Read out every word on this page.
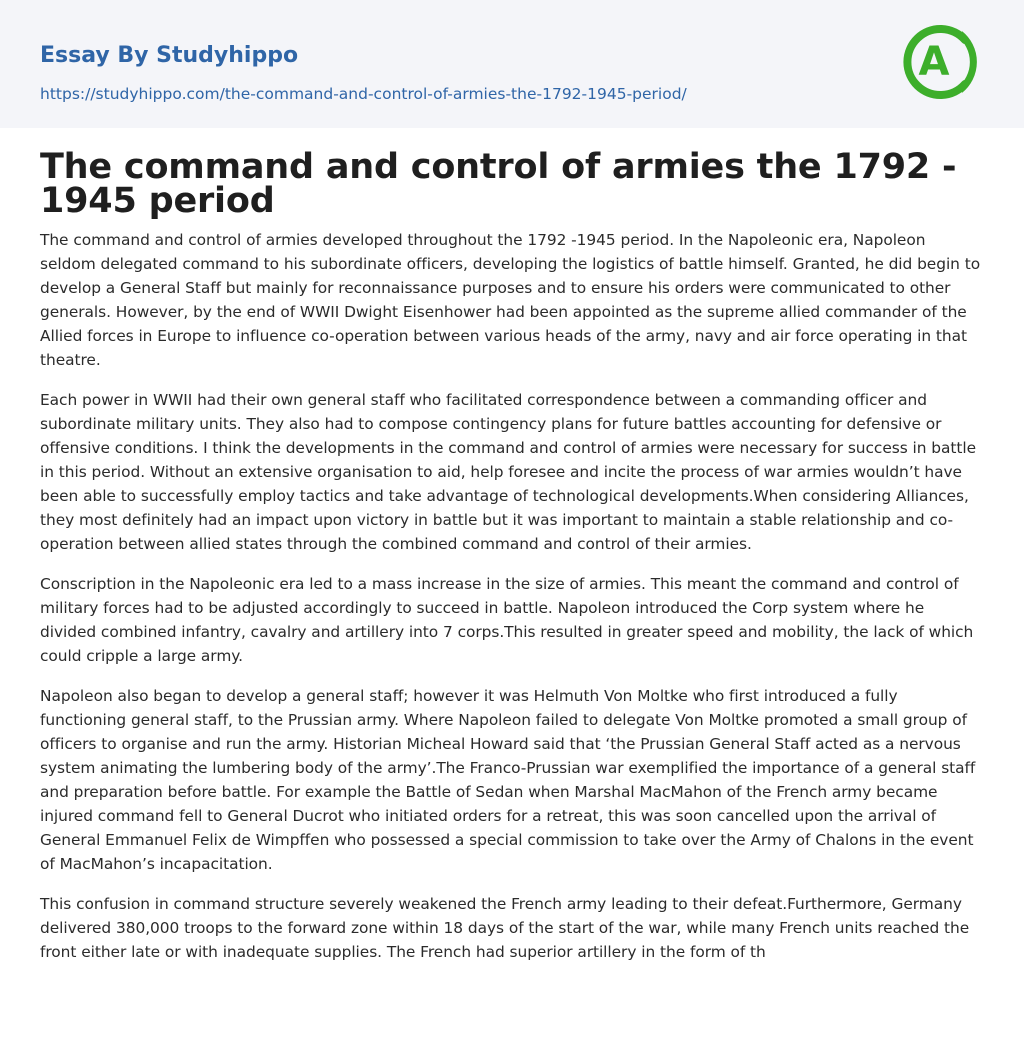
Essay By Studyhippo
https://studyhippo.com/the-command-and-control-of-armies-the-1792-1945-period/
A
The command and control of armies the 1792 - 1945 period

The command and control of armies developed throughout the 1792 -1945 period. In the Napoleonic era, Napoleon seldom delegated command to his subordinate officers, developing the logistics of battle himself. Granted, he did begin to develop a General Staff but mainly for reconnaissance purposes and to ensure his orders were communicated to other generals. However, by the end of WWII Dwight Eisenhower had been appointed as the supreme allied commander of the Allied forces in Europe to influence co-operation between various heads of the army, navy and air force operating in that theatre.

Each power in WWII had their own general staff who facilitated correspondence between a commanding officer and subordinate military units. They also had to compose contingency plans for future battles accounting for defensive or offensive conditions. I think the developments in the command and control of armies were necessary for success in battle in this period. Without an extensive organisation to aid, help foresee and incite the process of war armies wouldn’t have been able to successfully employ tactics and take advantage of technological developments.When considering Alliances, they most definitely had an impact upon victory in battle but it was important to maintain a stable relationship and co-operation between allied states through the combined command and control of their armies.

Conscription in the Napoleonic era led to a mass increase in the size of armies. This meant the command and control of military forces had to be adjusted accordingly to succeed in battle. Napoleon introduced the Corp system where he divided combined infantry, cavalry and artillery into 7 corps.This resulted in greater speed and mobility, the lack of which could cripple a large army.

Napoleon also began to develop a general staff; however it was Helmuth Von Moltke who first introduced a fully functioning general staff, to the Prussian army. Where Napoleon failed to delegate Von Moltke promoted a small group of officers to organise and run the army. Historian Micheal Howard said that ‘the Prussian General Staff acted as a nervous system animating the lumbering body of the army’.The Franco-Prussian war exemplified the importance of a general staff and preparation before battle. For example the Battle of Sedan when Marshal MacMahon of the French army became injured command fell to General Ducrot who initiated orders for a retreat, this was soon cancelled upon the arrival of General Emmanuel Felix de Wimpffen who possessed a special commission to take over the Army of Chalons in the event of MacMahon’s incapacitation.

This confusion in command structure severely weakened the French army leading to their defeat.Furthermore, Germany delivered 380,000 troops to the forward zone within 18 days of the start of the war, while many French units reached the front either late or with inadequate supplies. The French had superior artillery in the form of th
